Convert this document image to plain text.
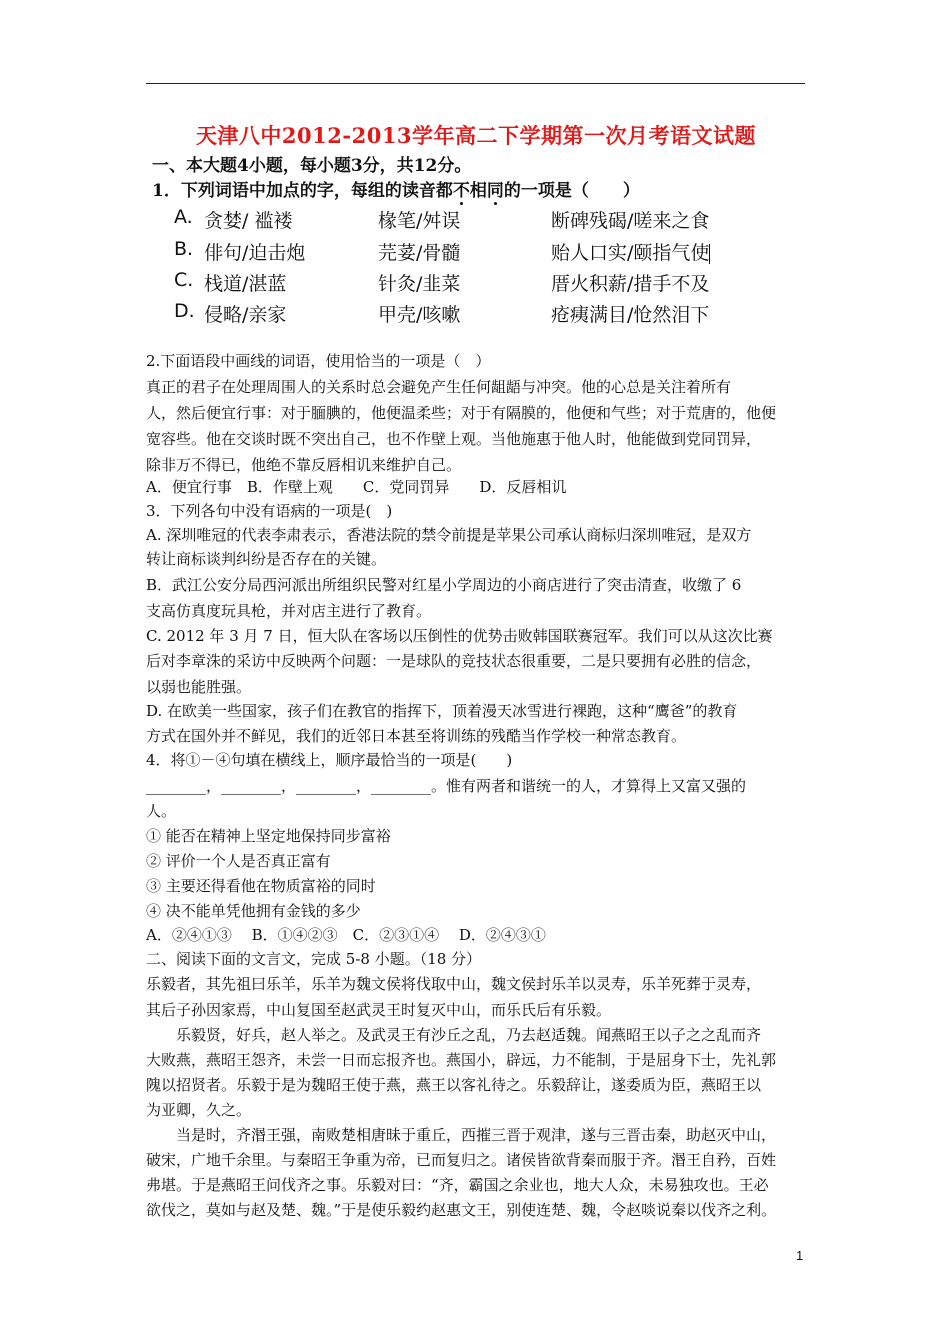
天津八中2012-2013学年高二下学期第一次月考语文试题
一、本大题4小题，每小题3分，共12分。
1．下列词语中加点的字，每组的读音都不相同的一项是（　　）
A. 贪婪/ 褴褛	椽笔/舛误	断碑残碣/嗟来之食
B. 俳句/迫击炮	芫荽/骨髓	贻人口实/颐指气使
C. 栈道/湛蓝	针灸/韭菜	厝火积薪/措手不及
D. 侵略/亲家	甲壳/咳嗽	疮痍满目/怆然泪下
2.下面语段中画线的词语，使用恰当的一项是（　）
真正的君子在处理周围人的关系时总会避免产生任何龃龉与冲突。他的心总是关注着所有
人，然后便宜行事：对于腼腆的，他便温柔些；对于有隔膜的，他便和气些；对于荒唐的，他便
宽容些。他在交谈时既不突出自己，也不作壁上观。当他施惠于他人时，他能做到党同罚异，
除非万不得已，他绝不靠反唇相讥来维护自己。
A．便宜行事　B．作壁上观　　C．党同罚异　　D．反唇相讥
3．下列各句中没有语病的一项是(　)
A. 深圳唯冠的代表李肃表示，香港法院的禁令前提是苹果公司承认商标归深圳唯冠，是双方
转让商标谈判纠纷是否存在的关键。
B．武江公安分局西河派出所组织民警对红星小学周边的小商店进行了突击清查，收缴了 6
支高仿真度玩具枪，并对店主进行了教育。
C. 2012 年 3 月 7 日，恒大队在客场以压倒性的优势击败韩国联赛冠军。我们可以从这次比赛
后对李章洙的采访中反映两个问题：一是球队的竞技状态很重要，二是只要拥有必胜的信念，
以弱也能胜强。
D. 在欧美一些国家，孩子们在教官的指挥下，顶着漫天冰雪进行裸跑，这种“鹰爸”的教育
方式在国外并不鲜见，我们的近邻日本甚至将训练的残酷当作学校一种常态教育。
4．将①－④句填在横线上，顺序最恰当的一项是(　　)
________，________，________，________。惟有两者和谐统一的人，才算得上又富又强的
人。
① 能否在精神上坚定地保持同步富裕
② 评价一个人是否真正富有
③ 主要还得看他在物质富裕的同时
④ 决不能单凭他拥有金钱的多少
A．②④①③　 B．①④②③　C．②③①④　 D．②④③①
二、阅读下面的文言文，完成 5-8 小题。（18 分）
乐毅者，其先祖曰乐羊，乐羊为魏文侯将伐取中山，魏文侯封乐羊以灵寿，乐羊死葬于灵寿，
其后子孙因家焉，中山复国至赵武灵王时复灭中山，而乐氏后有乐毅。
　　乐毅贤，好兵，赵人举之。及武灵王有沙丘之乱，乃去赵适魏。闻燕昭王以子之之乱而齐
大败燕，燕昭王怨齐，未尝一日而忘报齐也。燕国小，辟远，力不能制，于是屈身下士，先礼郭
隗以招贤者。乐毅于是为魏昭王使于燕，燕王以客礼待之。乐毅辞让，遂委质为臣，燕昭王以
为亚卿，久之。
　　当是时，齐湣王强，南败楚相唐昧于重丘，西摧三晋于观津，遂与三晋击秦，助赵灭中山，
破宋，广地千余里。与秦昭王争重为帝，已而复归之。诸侯皆欲背秦而服于齐。湣王自矜，百姓
弗堪。于是燕昭王问伐齐之事。乐毅对曰：“齐，霸国之余业也，地大人众，未易独攻也。王必
欲伐之，莫如与赵及楚、魏。”于是使乐毅约赵惠文王，别使连楚、魏，令赵啖说秦以伐齐之利。
1
